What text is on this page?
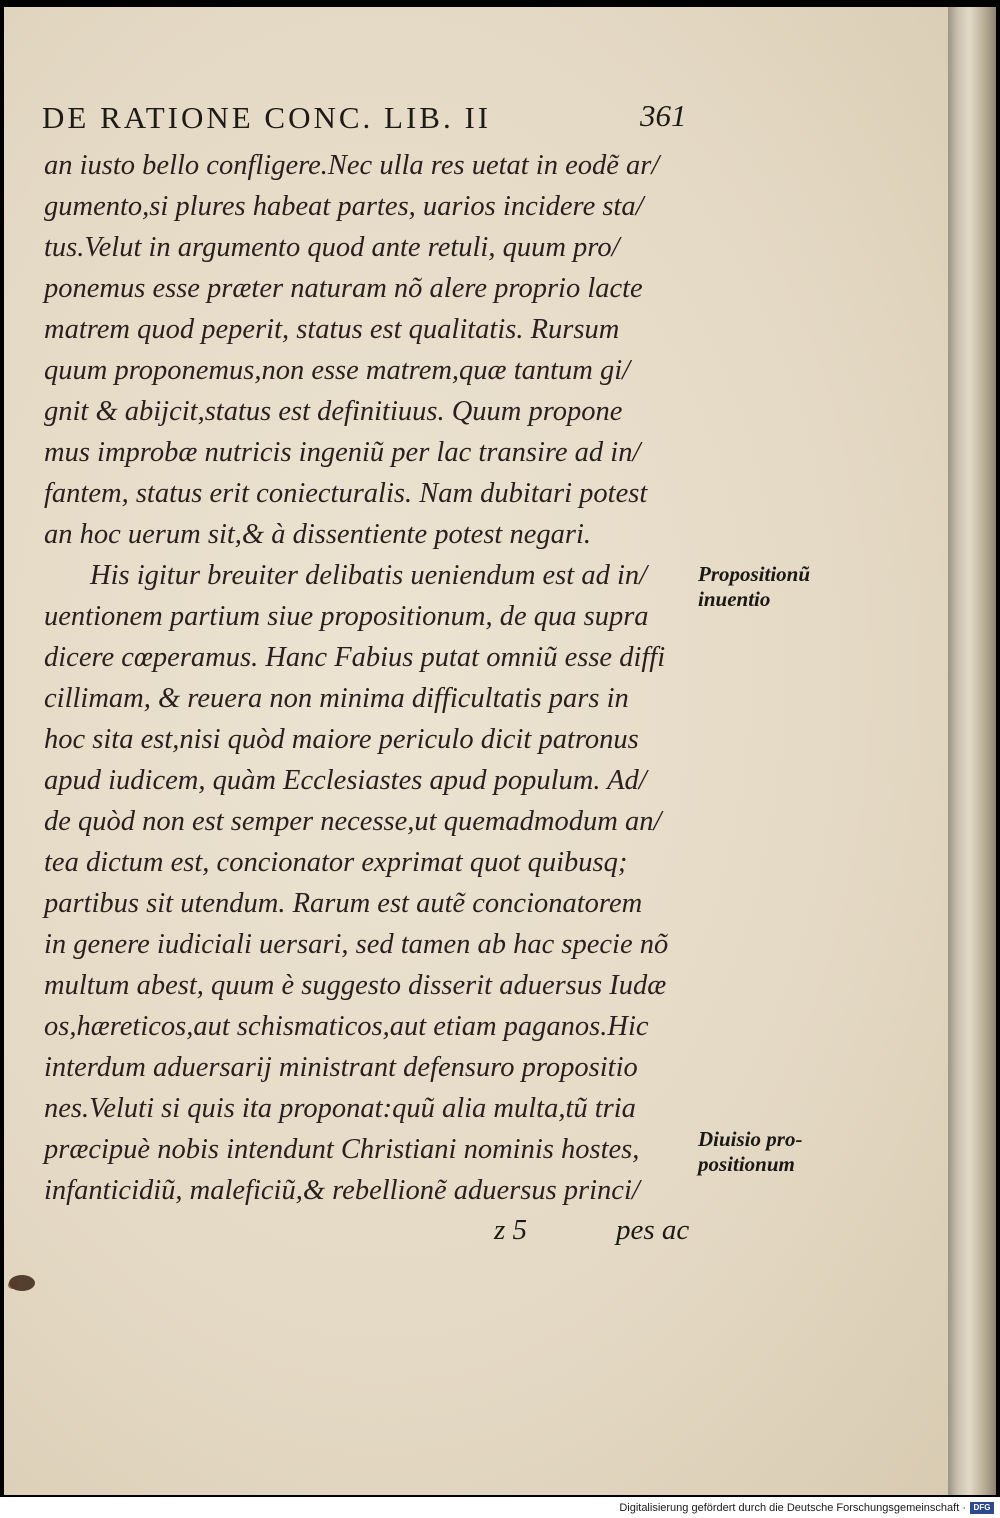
DE RATIONE CONC. LIB. II	361
an iusto bello confligere.Nec ulla res uetat in eodẽ ar/
gumento,si plures habeat partes, uarios incidere sta/
tus.Velut in argumento quod ante retuli, quum pro/
ponemus esse præter naturam nõ alere proprio lacte
matrem quod peperit, status est qualitatis. Rursum
quum proponemus,non esse matrem,quæ tantum gi/
gnit & abijcit,status est definitiuus. Quum propone
mus improbæ nutricis ingeniũ per lac transire ad in/
fantem, status erit coniecturalis. Nam dubitari potest
an hoc uerum sit,& à dissentiente potest negari.
His igitur breuiter delibatis ueniendum est ad in/
uentionem partium siue propositionum, de qua supra
dicere cœperamus. Hanc Fabius putat omniũ esse diffi
cillimam, & reuera non minima difficultatis pars in
hoc sita est,nisi quòd maiore periculo dicit patronus
apud iudicem, quàm Ecclesiastes apud populum. Ad/
de quòd non est semper necesse,ut quemadmodum an/
tea dictum est, concionator exprimat quot quibusq;
partibus sit utendum. Rarum est autẽ concionatorem
in genere iudiciali uersari, sed tamen ab hac specie nõ
multum abest, quum è suggesto disserit aduersus Iudæ
os,hæreticos,aut schismaticos,aut etiam paganos.Hic
interdum aduersarij ministrant defensuro propositio
nes.Veluti si quis ita proponat:quũ alia multa,tũ tria
præcipuè nobis intendunt Christiani nominis hostes,
infanticidiũ, maleficiũ,& rebellionẽ aduersus princi/
Propositionũ
inuentio
Diuisio pro-
positionum
z 5	pes ac
Digitalisierung gefördert durch die Deutsche Forschungsgemeinschaft · DFG
